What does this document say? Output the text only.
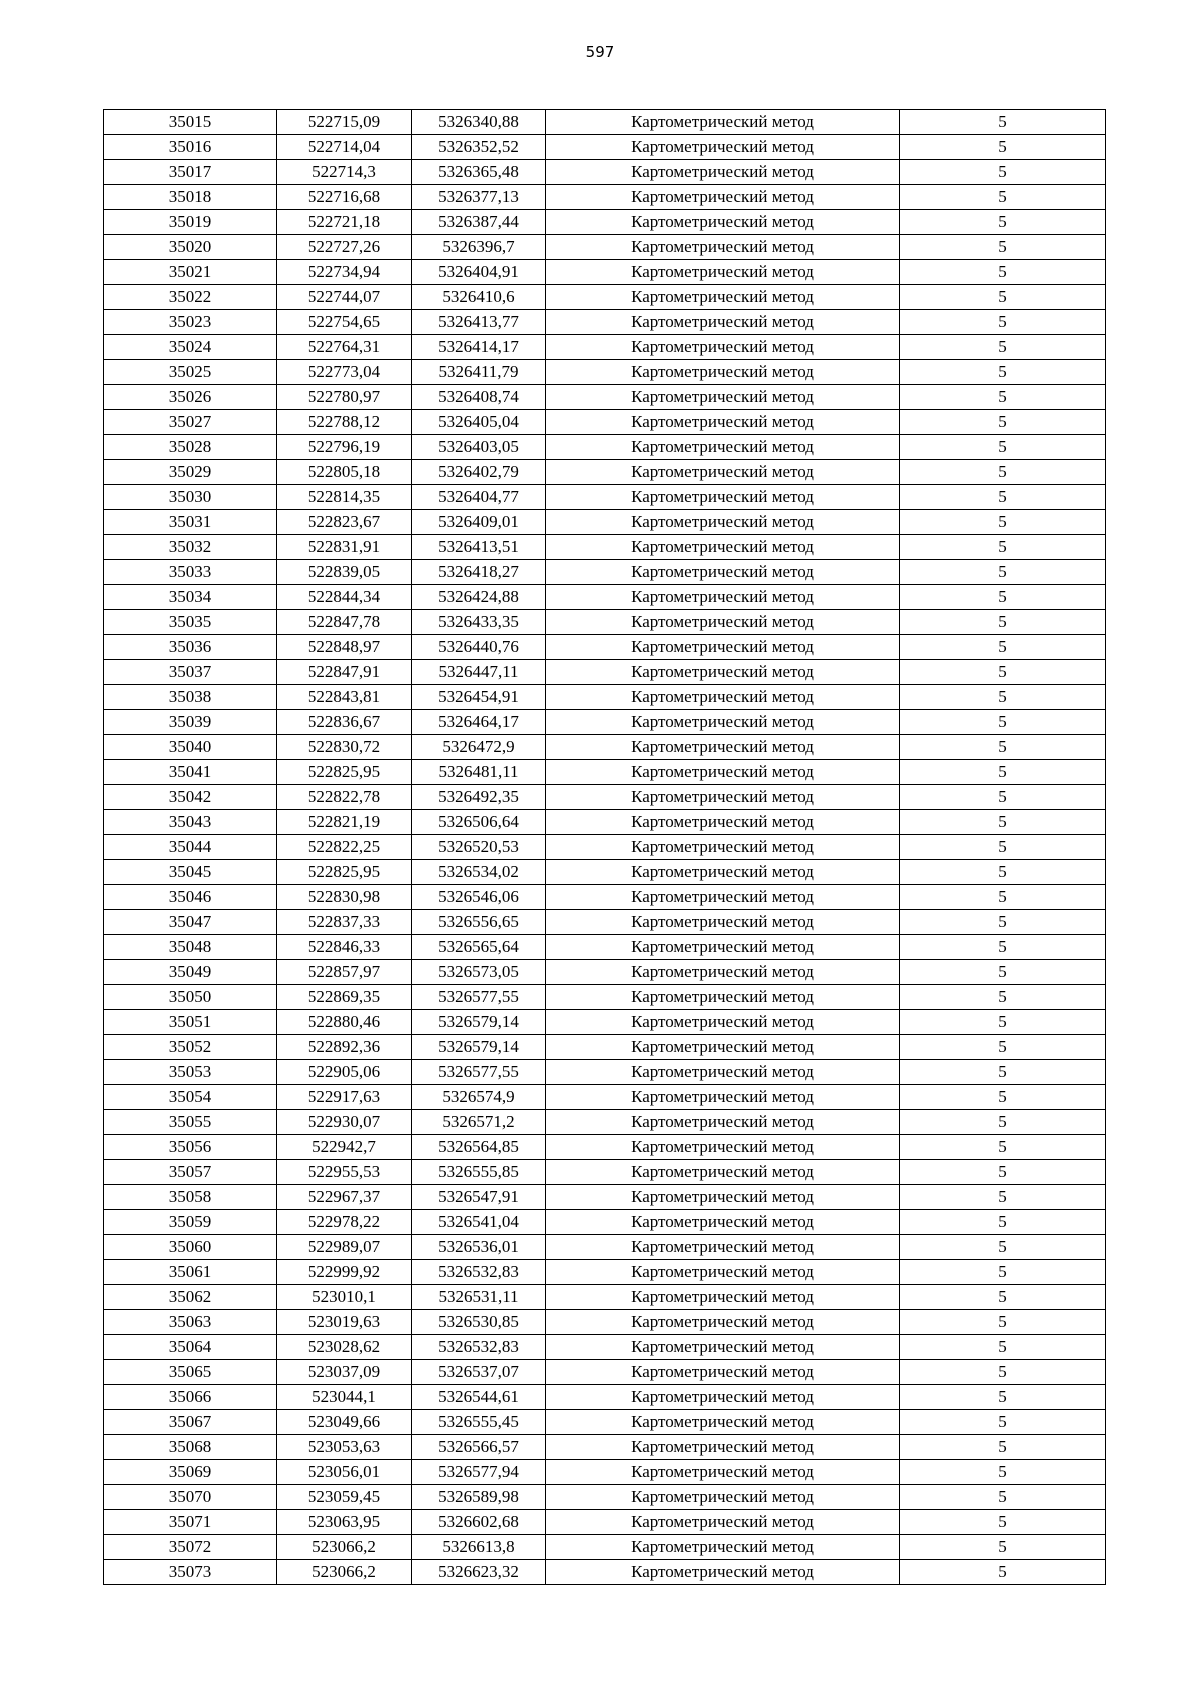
597
35015	522715,09	5326340,88	Картометрический метод	5
35016	522714,04	5326352,52	Картометрический метод	5
35017	522714,3	5326365,48	Картометрический метод	5
35018	522716,68	5326377,13	Картометрический метод	5
35019	522721,18	5326387,44	Картометрический метод	5
35020	522727,26	5326396,7	Картометрический метод	5
35021	522734,94	5326404,91	Картометрический метод	5
35022	522744,07	5326410,6	Картометрический метод	5
35023	522754,65	5326413,77	Картометрический метод	5
35024	522764,31	5326414,17	Картометрический метод	5
35025	522773,04	5326411,79	Картометрический метод	5
35026	522780,97	5326408,74	Картометрический метод	5
35027	522788,12	5326405,04	Картометрический метод	5
35028	522796,19	5326403,05	Картометрический метод	5
35029	522805,18	5326402,79	Картометрический метод	5
35030	522814,35	5326404,77	Картометрический метод	5
35031	522823,67	5326409,01	Картометрический метод	5
35032	522831,91	5326413,51	Картометрический метод	5
35033	522839,05	5326418,27	Картометрический метод	5
35034	522844,34	5326424,88	Картометрический метод	5
35035	522847,78	5326433,35	Картометрический метод	5
35036	522848,97	5326440,76	Картометрический метод	5
35037	522847,91	5326447,11	Картометрический метод	5
35038	522843,81	5326454,91	Картометрический метод	5
35039	522836,67	5326464,17	Картометрический метод	5
35040	522830,72	5326472,9	Картометрический метод	5
35041	522825,95	5326481,11	Картометрический метод	5
35042	522822,78	5326492,35	Картометрический метод	5
35043	522821,19	5326506,64	Картометрический метод	5
35044	522822,25	5326520,53	Картометрический метод	5
35045	522825,95	5326534,02	Картометрический метод	5
35046	522830,98	5326546,06	Картометрический метод	5
35047	522837,33	5326556,65	Картометрический метод	5
35048	522846,33	5326565,64	Картометрический метод	5
35049	522857,97	5326573,05	Картометрический метод	5
35050	522869,35	5326577,55	Картометрический метод	5
35051	522880,46	5326579,14	Картометрический метод	5
35052	522892,36	5326579,14	Картометрический метод	5
35053	522905,06	5326577,55	Картометрический метод	5
35054	522917,63	5326574,9	Картометрический метод	5
35055	522930,07	5326571,2	Картометрический метод	5
35056	522942,7	5326564,85	Картометрический метод	5
35057	522955,53	5326555,85	Картометрический метод	5
35058	522967,37	5326547,91	Картометрический метод	5
35059	522978,22	5326541,04	Картометрический метод	5
35060	522989,07	5326536,01	Картометрический метод	5
35061	522999,92	5326532,83	Картометрический метод	5
35062	523010,1	5326531,11	Картометрический метод	5
35063	523019,63	5326530,85	Картометрический метод	5
35064	523028,62	5326532,83	Картометрический метод	5
35065	523037,09	5326537,07	Картометрический метод	5
35066	523044,1	5326544,61	Картометрический метод	5
35067	523049,66	5326555,45	Картометрический метод	5
35068	523053,63	5326566,57	Картометрический метод	5
35069	523056,01	5326577,94	Картометрический метод	5
35070	523059,45	5326589,98	Картометрический метод	5
35071	523063,95	5326602,68	Картометрический метод	5
35072	523066,2	5326613,8	Картометрический метод	5
35073	523066,2	5326623,32	Картометрический метод	5
